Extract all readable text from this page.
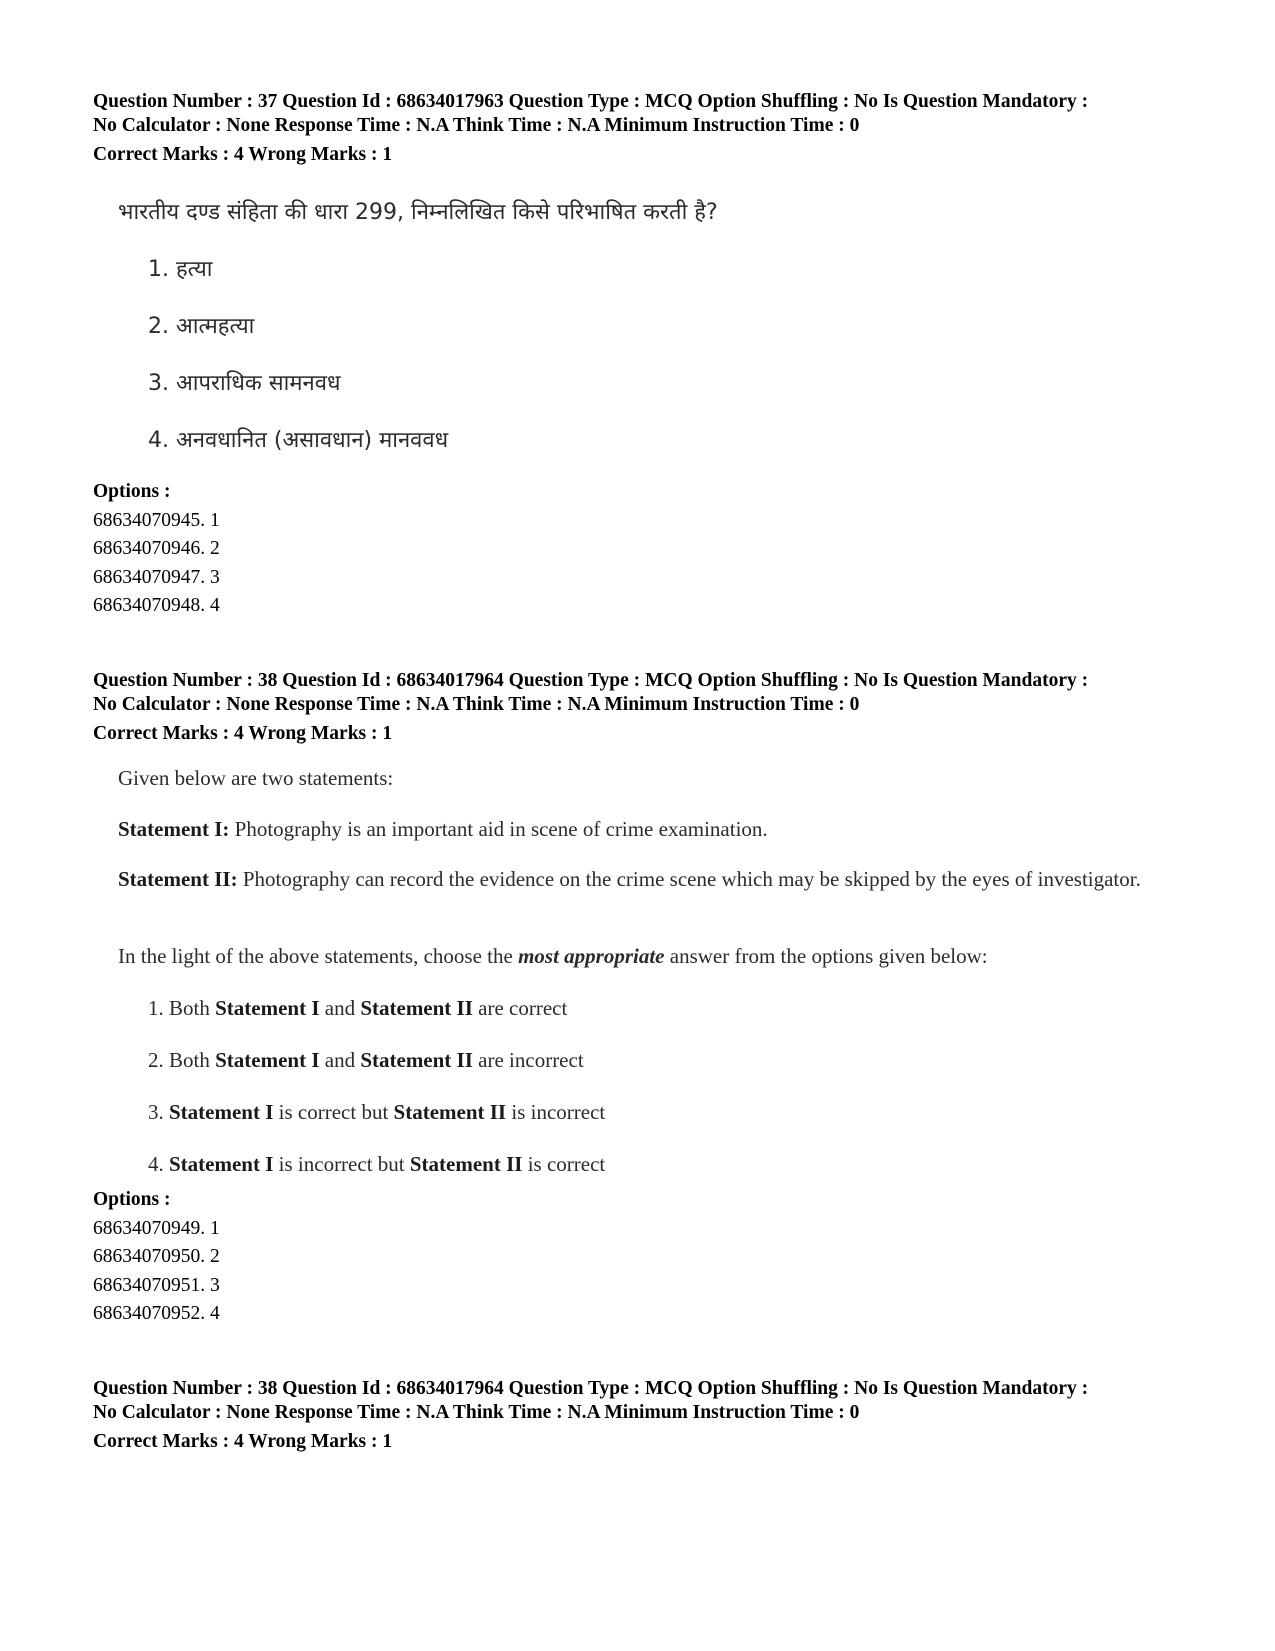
Question Number : 37 Question Id : 68634017963 Question Type : MCQ Option Shuffling : No Is Question Mandatory :
No Calculator : None Response Time : N.A Think Time : N.A Minimum Instruction Time : 0
Correct Marks : 4 Wrong Marks : 1
भारतीय दण्ड संहिता की धारा 299, निम्नलिखित किसे परिभाषित करती है?
1. हत्या
2. आत्महत्या
3. आपराधिक सामनवध
4. अनवधानित (असावधान) मानववध
Options :
68634070945. 1
68634070946. 2
68634070947. 3
68634070948. 4
Question Number : 38 Question Id : 68634017964 Question Type : MCQ Option Shuffling : No Is Question Mandatory :
No Calculator : None Response Time : N.A Think Time : N.A Minimum Instruction Time : 0
Correct Marks : 4 Wrong Marks : 1
Given below are two statements:
Statement I: Photography is an important aid in scene of crime examination.
Statement II: Photography can record the evidence on the crime scene which may be skipped by the eyes of investigator.
In the light of the above statements, choose the most appropriate answer from the options given below:
1. Both Statement I and Statement II are correct
2. Both Statement I and Statement II are incorrect
3. Statement I is correct but Statement II is incorrect
4. Statement I is incorrect but Statement II is correct
Options :
68634070949. 1
68634070950. 2
68634070951. 3
68634070952. 4
Question Number : 38 Question Id : 68634017964 Question Type : MCQ Option Shuffling : No Is Question Mandatory :
No Calculator : None Response Time : N.A Think Time : N.A Minimum Instruction Time : 0
Correct Marks : 4 Wrong Marks : 1
